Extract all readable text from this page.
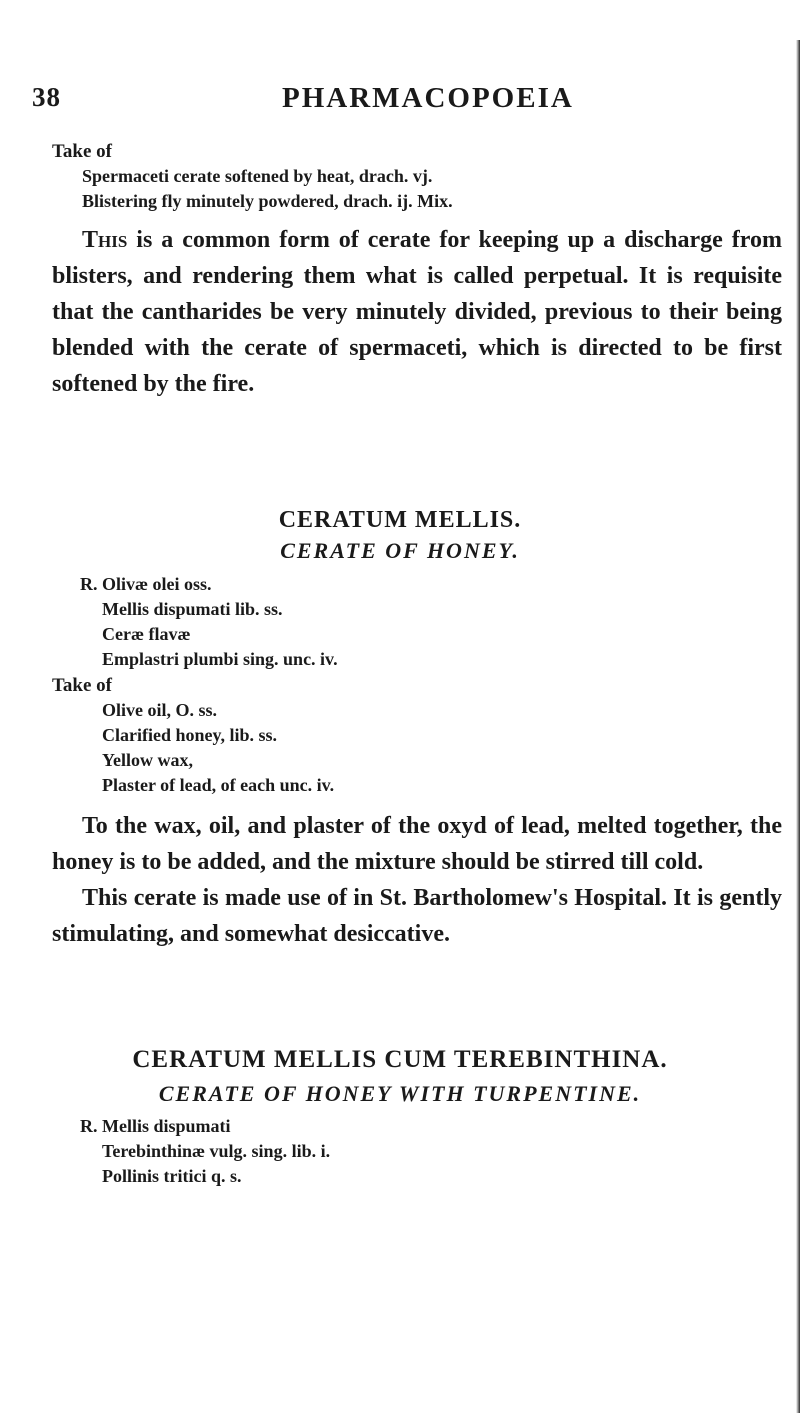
38	PHARMACOPOEIA

Take of

Spermaceti cerate softened by heat, drach. vj.

Blistering fly minutely powdered, drach. ij. Mix.

This is a common form of cerate for keeping up a discharge from blisters, and rendering them what is called perpetual. It is requisite that the cantharides be very minutely divided, previous to their being blended with the cerate of spermaceti, which is directed to be first softened by the fire.

CERATUM MELLIS.
CERATE OF HONEY.

R. Olivæ olei oss.

Mellis dispumati lib. ss.

Ceræ flavæ

Emplastri plumbi sing. unc. iv.

Take of

Olive oil, O. ss.

Clarified honey, lib. ss.

Yellow wax,

Plaster of lead, of each unc. iv.

To the wax, oil, and plaster of the oxyd of lead, melted together, the honey is to be added, and the mixture should be stirred till cold.

This cerate is made use of in St. Bartholomew's Hospital. It is gently stimulating, and somewhat desiccative.

CERATUM MELLIS CUM TEREBINTHINA.
CERATE OF HONEY WITH TURPENTINE.

R. Mellis dispumati

Terebinthinæ vulg. sing. lib. i.

Pollinis tritici q. s.
